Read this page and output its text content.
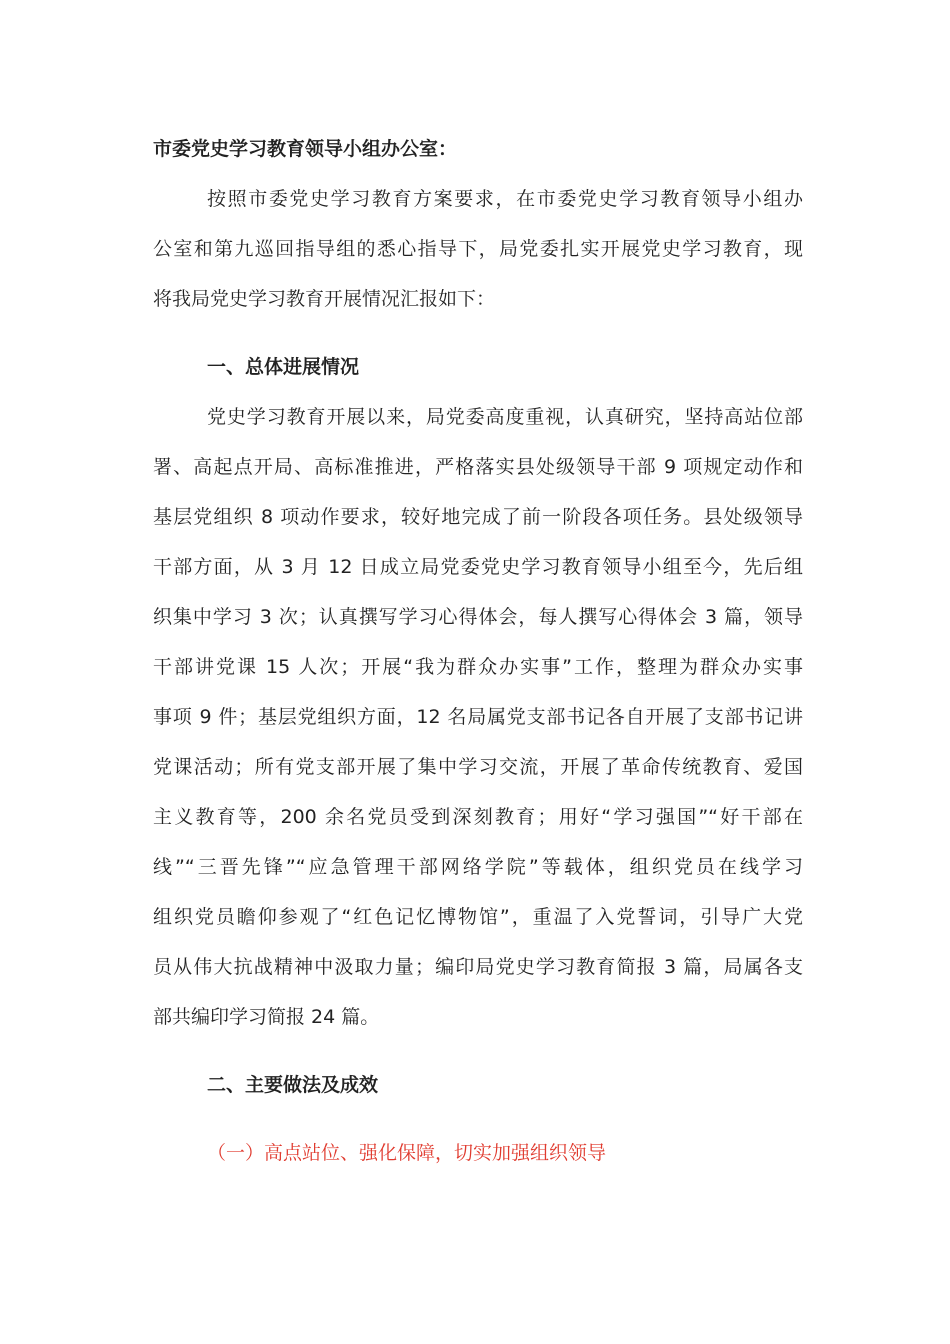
市委党史学习教育领导小组办公室：
按照市委党史学习教育方案要求，在市委党史学习教育领导小组办
公室和第九巡回指导组的悉心指导下，局党委扎实开展党史学习教育，现
将我局党史学习教育开展情况汇报如下：
一、总体进展情况
党史学习教育开展以来，局党委高度重视，认真研究，坚持高站位部
署、高起点开局、高标准推进，严格落实县处级领导干部 9 项规定动作和
基层党组织 8 项动作要求，较好地完成了前一阶段各项任务。县处级领导
干部方面，从 3 月 12 日成立局党委党史学习教育领导小组至今，先后组
织集中学习 3 次；认真撰写学习心得体会，每人撰写心得体会 3 篇，领导
干部讲党课 15 人次；开展“我为群众办实事”工作，整理为群众办实事
事项 9 件；基层党组织方面，12 名局属党支部书记各自开展了支部书记讲
党课活动；所有党支部开展了集中学习交流，开展了革命传统教育、爱国
主义教育等，200 余名党员受到深刻教育；用好“学习强国”“好干部在
线”“三晋先锋”“应急管理干部网络学院”等载体，组织党员在线学习
组织党员瞻仰参观了“红色记忆博物馆”，重温了入党誓词，引导广大党
员从伟大抗战精神中汲取力量；编印局党史学习教育简报 3 篇，局属各支
部共编印学习简报 24 篇。
二、主要做法及成效
（一）高点站位、强化保障，切实加强组织领导
